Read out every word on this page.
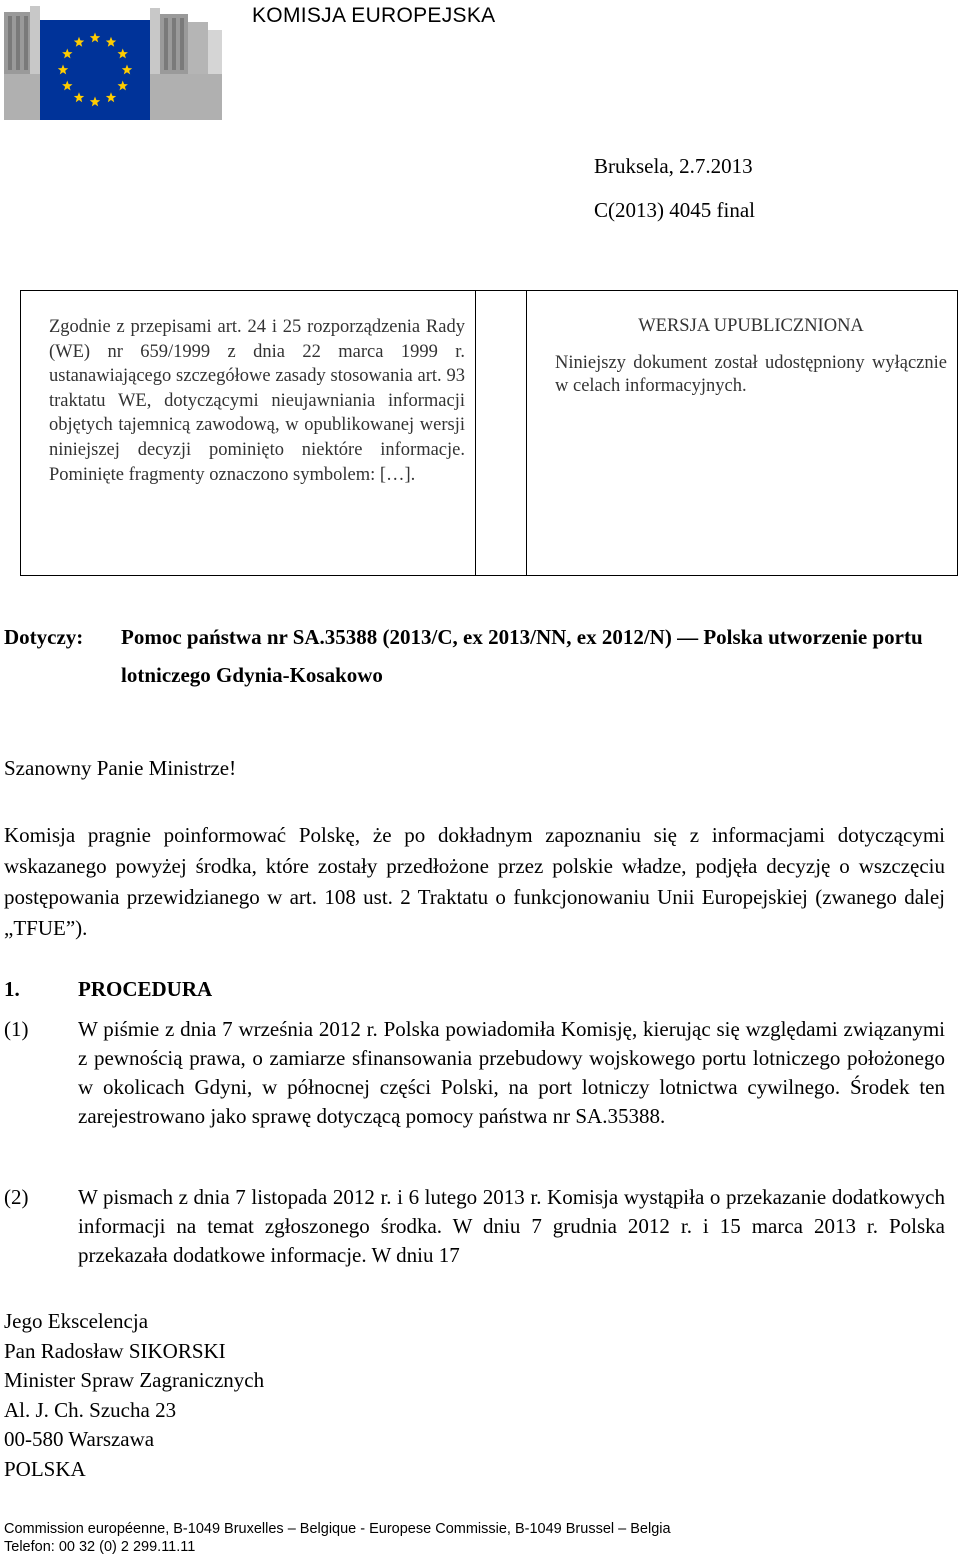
KOMISJA EUROPEJSKA
Bruksela, 2.7.2013
C(2013) 4045 final
Zgodnie z przepisami art. 24 i 25 rozporządzenia Rady (WE) nr 659/1999 z dnia 22 marca 1999 r. ustanawiającego szczegółowe zasady stosowania art. 93 traktatu WE, dotyczącymi nieujawniania informacji objętych tajemnicą zawodową, w opublikowanej wersji niniejszej decyzji pominięto niektóre informacje. Pominięte fragmenty oznaczono symbolem: […].
WERSJA UPUBLICZNIONA
Niniejszy dokument został udostępniony wyłącznie w celach informacyjnych.
Dotyczy: Pomoc państwa nr SA.35388 (2013/C, ex 2013/NN, ex 2012/N) — Polska utworzenie portu lotniczego Gdynia-Kosakowo
Szanowny Panie Ministrze!
Komisja pragnie poinformować Polskę, że po dokładnym zapoznaniu się z informacjami dotyczącymi wskazanego powyżej środka, które zostały przedłożone przez polskie władze, podjęła decyzję o wszczęciu postępowania przewidzianego w art. 108 ust. 2 Traktatu o funkcjonowaniu Unii Europejskiej (zwanego dalej „TFUE”).
1.	PROCEDURA
(1) W piśmie z dnia 7 września 2012 r. Polska powiadomiła Komisję, kierując się względami związanymi z pewnością prawa, o zamiarze sfinansowania przebudowy wojskowego portu lotniczego położonego w okolicach Gdyni, w północnej części Polski, na port lotniczy lotnictwa cywilnego. Środek ten zarejestrowano jako sprawę dotyczącą pomocy państwa nr SA.35388.
(2) W pismach z dnia 7 listopada 2012 r. i 6 lutego 2013 r. Komisja wystąpiła o przekazanie dodatkowych informacji na temat zgłoszonego środka. W dniu 7 grudnia 2012 r. i 15 marca 2013 r. Polska przekazała dodatkowe informacje. W dniu 17
Jego Ekscelencja
Pan Radosław SIKORSKI
Minister Spraw Zagranicznych
Al. J. Ch. Szucha 23
00-580 Warszawa
POLSKA
Commission européenne, B-1049 Bruxelles – Belgique - Europese Commissie, B-1049 Brussel – Belgia
Telefon: 00 32 (0) 2 299.11.11
